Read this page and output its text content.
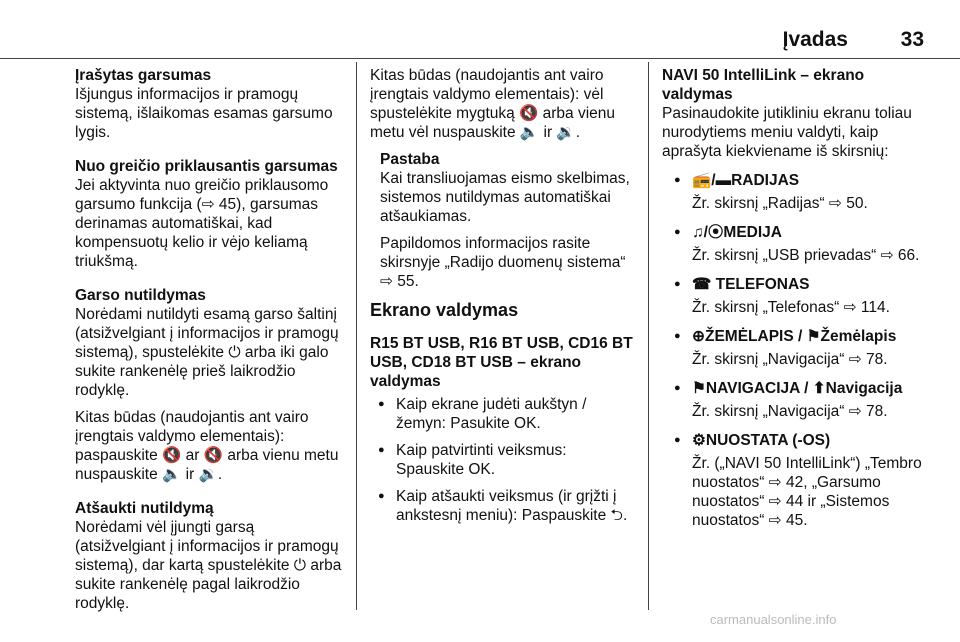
Įvadas	33
Įrašytas garsumas
Išjungus informacijos ir pramogų sistemą, išlaikomas esamas garsumo lygis.
Nuo greičio priklausantis garsumas
Jei aktyvinta nuo greičio priklausomo garsumo funkcija (⇨ 45), garsumas derinamas automatiškai, kad kompensuotų kelio ir vėjo keliamą triukšmą.
Garso nutildymas

Norėdami nutildyti esamą garso šaltinį (atsižvelgiant į informacijos ir pramogų sistemą), spustelėkite ⏻ arba iki galo sukite rankenėlę prieš laikrodžio rodyklę.

Kitas būdas (naudojantis ant vairo įrengtais valdymo elementais): paspauskite 🔇 ar 🔇 arba vienu metu nuspauskite 🔈 ir 🔉.
Atšaukti nutildymą
Norėdami vėl įjungti garsą (atsižvelgiant į informacijos ir pramogų sistemą), dar kartą spustelėkite ⏻ arba sukite rankenėlę pagal laikrodžio rodyklę.

Kitas būdas (naudojantis ant vairo įrengtais valdymo elementais): vėl spustelėkite mygtuką 🔇 arba vienu metu vėl nuspauskite 🔈 ir 🔉.

Pastaba

Kai transliuojamas eismo skelbimas, sistemos nutildymas automatiškai atšaukiamas.

Papildomos informacijos rasite skirsnyje „Radijo duomenų sistema“ ⇨ 55.
Ekrano valdymas
R15 BT USB, R16 BT USB, CD16 BT USB, CD18 BT USB – ekrano valdymas
● Kaip ekrane judėti aukštyn / žemyn: Pasukite OK.
● Kaip patvirtinti veiksmus: Spauskite OK.
● Kaip atšaukti veiksmus (ir grįžti į ankstesnį meniu): Paspauskite ⮌.
NAVI 50 IntelliLink – ekrano valdymas
Pasinaudokite jutikliniu ekranu toliau nurodytiems meniu valdyti, kaip aprašyta kiekviename iš skirsnių:
● 📻/▬RADIJAS
Žr. skirsnį „Radijas“ ⇨ 50.
● ♫/⦿MEDIJA
Žr. skirsnį „USB prievadas“ ⇨ 66.
● ☎ TELEFONAS
Žr. skirsnį „Telefonas“ ⇨ 114.
● ⊕ŽEMĖLAPIS / ⚑Žemėlapis
Žr. skirsnį „Navigacija“ ⇨ 78.
● ⚑NAVIGACIJA / ⬆Navigacija
Žr. skirsnį „Navigacija“ ⇨ 78.
● ⚙NUOSTATA (-OS)
Žr. („NAVI 50 IntelliLink“) „Tembro nuostatos“ ⇨ 42, „Garsumo nuostatos“ ⇨ 44 ir „Sistemos nuostatos“ ⇨ 45.
carmanualsonline.info
